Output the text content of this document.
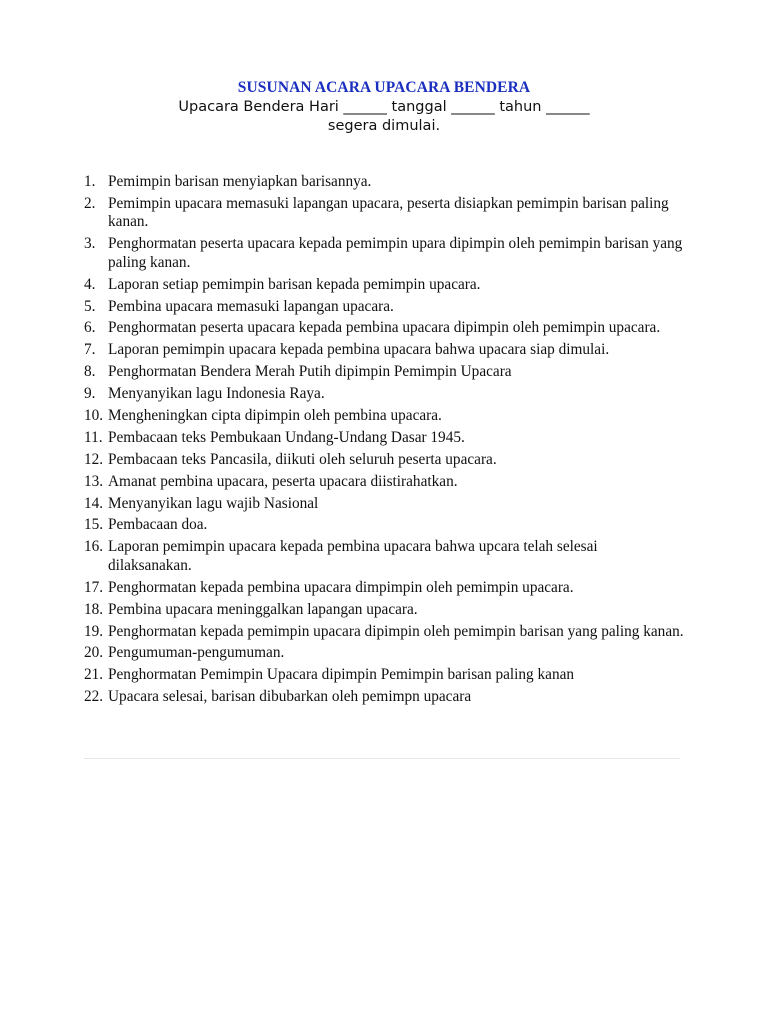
SUSUNAN ACARA UPACARA BENDERA
Upacara Bendera Hari ______ tanggal ______ tahun ______
segera dimulai.
1. Pemimpin barisan menyiapkan barisannya.
2. Pemimpin upacara memasuki lapangan upacara, peserta disiapkan pemimpin barisan paling kanan.
3. Penghormatan peserta upacara kepada pemimpin upara dipimpin oleh pemimpin barisan yang paling kanan.
4. Laporan setiap pemimpin barisan kepada pemimpin upacara.
5. Pembina upacara memasuki lapangan upacara.
6. Penghormatan peserta upacara kepada pembina upacara dipimpin oleh pemimpin upacara.
7. Laporan pemimpin upacara kepada pembina upacara bahwa upacara siap dimulai.
8. Penghormatan Bendera Merah Putih dipimpin Pemimpin Upacara
9. Menyanyikan lagu Indonesia Raya.
10. Mengheningkan cipta dipimpin oleh pembina upacara.
11. Pembacaan teks Pembukaan Undang-Undang Dasar 1945.
12. Pembacaan teks Pancasila, diikuti oleh seluruh peserta upacara.
13. Amanat pembina upacara, peserta upacara diistirahatkan.
14. Menyanyikan lagu wajib Nasional
15. Pembacaan doa.
16. Laporan pemimpin upacara kepada pembina upacara bahwa upcara telah selesai dilaksanakan.
17. Penghormatan kepada pembina upacara dimpimpin oleh pemimpin upacara.
18. Pembina upacara meninggalkan lapangan upacara.
19. Penghormatan kepada pemimpin upacara dipimpin oleh pemimpin barisan yang paling kanan.
20. Pengumuman-pengumuman.
21. Penghormatan Pemimpin Upacara dipimpin Pemimpin barisan paling kanan
22. Upacara selesai, barisan dibubarkan oleh pemimpn upacara
